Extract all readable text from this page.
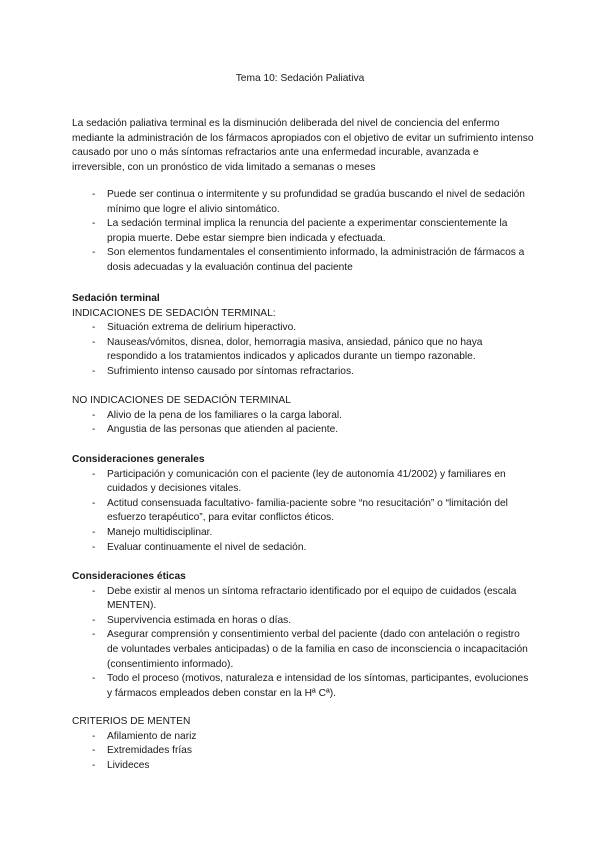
Tema 10: Sedación Paliativa
La sedación paliativa terminal es la disminución deliberada del nivel de conciencia del enfermo mediante la administración de los fármacos apropiados con el objetivo de evitar un sufrimiento intenso causado por uno o más síntomas refractarios ante una enfermedad incurable, avanzada e irreversible, con un pronóstico de vida limitado a semanas o meses
- Puede ser continua o intermitente y su profundidad se gradúa buscando el nivel de sedación mínimo que logre el alivio sintomático.
- La sedación terminal implica la renuncia del paciente a experimentar conscientemente la propia muerte. Debe estar siempre bien indicada y efectuada.
- Son elementos fundamentales el consentimiento informado, la administración de fármacos a dosis adecuadas y la evaluación continua del paciente
Sedación terminal
INDICACIONES DE SEDACIÓN TERMINAL:
- Situación extrema de delirium hiperactivo.
- Nauseas/vómitos, disnea, dolor, hemorragia masiva, ansiedad, pánico que no haya respondido a los tratamientos indicados y aplicados durante un tiempo razonable.
- Sufrimiento intenso causado por síntomas refractarios.
NO INDICACIONES DE SEDACIÓN TERMINAL
- Alivio de la pena de los familiares o la carga laboral.
- Angustia de las personas que atienden al paciente.
Consideraciones generales
- Participación y comunicación con el paciente (ley de autonomía 41/2002) y familiares en cuidados y decisiones vitales.
- Actitud consensuada facultativo- familia-paciente sobre “no resucitación” o “limitación del esfuerzo terapéutico”, para evitar conflictos éticos.
- Manejo multidisciplinar.
- Evaluar continuamente el nivel de sedación.
Consideraciones éticas
- Debe existir al menos un síntoma refractario identificado por el equipo de cuidados (escala MENTEN).
- Supervivencia estimada en horas o días.
- Asegurar comprensión y consentimiento verbal del paciente (dado con antelación o registro de voluntades verbales anticipadas) o de la familia en caso de inconsciencia o incapacitación (consentimiento informado).
- Todo el proceso (motivos, naturaleza e intensidad de los síntomas, participantes, evoluciones y fármacos empleados deben constar en la Hª Cª).
CRITERIOS DE MENTEN
- Afilamiento de nariz
- Extremidades frías
- Livideces
